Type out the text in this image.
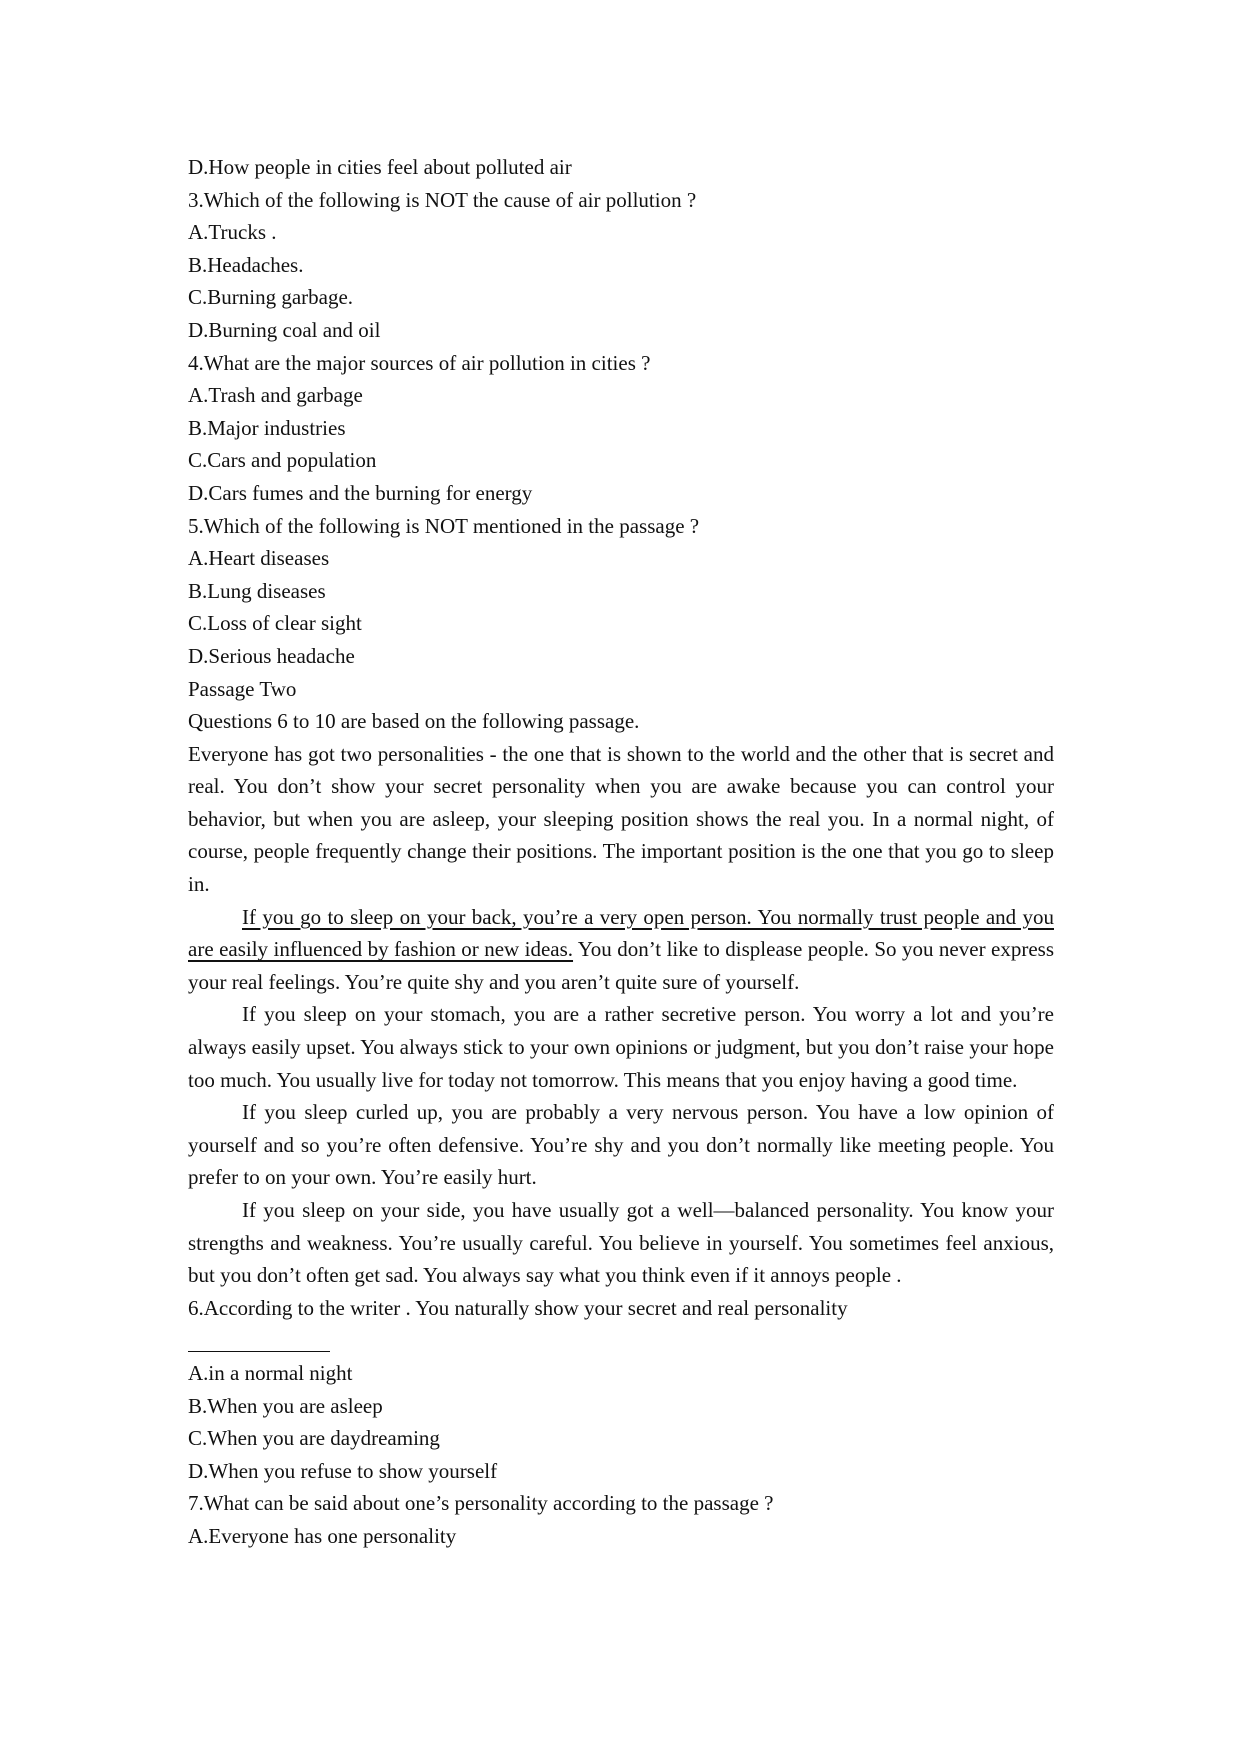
D.How people in cities feel about polluted air
3.Which of the following is NOT the cause of air pollution ?
A.Trucks .
B.Headaches.
C.Burning garbage.
D.Burning coal and oil
4.What are the major sources of air pollution in cities ?
A.Trash and garbage
B.Major industries
C.Cars and population
D.Cars fumes and the burning for energy
5.Which of the following is NOT mentioned in the passage ?
A.Heart diseases
B.Lung diseases
C.Loss of clear sight
D.Serious headache
Passage Two
Questions 6 to 10 are based on the following passage.

Everyone has got two personalities - the one that is shown to the world and the other that is secret and real. You don’t show your secret personality when you are awake because you can control your behavior, but when you are asleep, your sleeping position shows the real you. In a normal night, of course, people frequently change their positions. The important position is the one that you go to sleep in.

If you go to sleep on your back, you’re a very open person. You normally trust people and you are easily influenced by fashion or new ideas. You don’t like to displease people. So you never express your real feelings. You’re quite shy and you aren’t quite sure of yourself.

If you sleep on your stomach, you are a rather secretive person. You worry a lot and you’re always easily upset. You always stick to your own opinions or judgment, but you don’t raise your hope too much. You usually live for today not tomorrow. This means that you enjoy having a good time.

If you sleep curled up, you are probably a very nervous person. You have a low opinion of yourself and so you’re often defensive. You’re shy and you don’t normally like meeting people. You prefer to on your own. You’re easily hurt.

If you sleep on your side, you have usually got a well—balanced personality. You know your strengths and weakness. You’re usually careful. You believe in yourself. You sometimes feel anxious, but you don’t often get sad. You always say what you think even if it annoys people .

6.According to the writer . You naturally show your secret and real personality
A.in a normal night
B.When you are asleep
C.When you are daydreaming
D.When you refuse to show yourself
7.What can be said about one’s personality according to the passage ?
A.Everyone has one personality
